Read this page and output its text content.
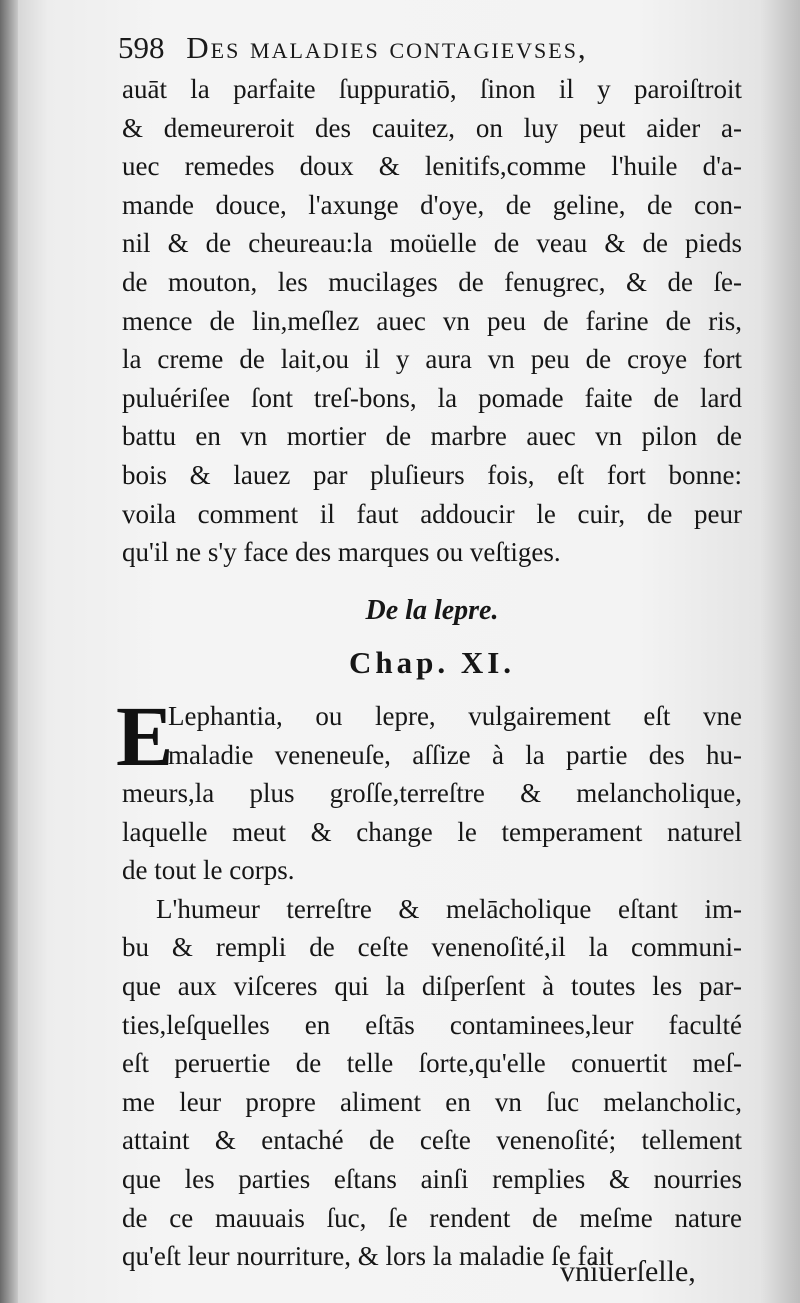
598 Des maladies contagievses,
auāt la parfaite ſuppuratiō, ſinon il y paroiſtroit
& demeureroit des cauitez, on luy peut aider a-
uec remedes doux & lenitifs,comme l'huile d'a-
mande douce, l'axunge d'oye, de geline, de con-
nil & de cheureau:la moüelle de veau & de pieds
de mouton, les mucilages de fenugrec, & de ſe-
mence de lin,meſlez auec vn peu de farine de ris,
la creme de lait,ou il y aura vn peu de croye fort
puluériſee ſont treſ-bons, la pomade faite de lard
battu en vn mortier de marbre auec vn pilon de
bois & lauez par pluſieurs fois, eſt fort bonne:
voila comment il faut addoucir le cuir, de peur
qu'il ne s'y face des marques ou veſtiges.
De la lepre.
Chap. XI.
E
Lephantia, ou lepre, vulgairement eſt vne
maladie veneneuſe, aſſize à la partie des hu-
meurs,la plus groſſe,terreſtre & melancholique,
laquelle meut & change le temperament naturel
de tout le corps.
L'humeur terreſtre & melācholique eſtant im-
bu & rempli de ceſte venenoſité,il la communi-
que aux viſceres qui la diſperſent à toutes les par-
ties,leſquelles en eſtās contaminees,leur faculté
eſt peruertie de telle ſorte,qu'elle conuertit meſ-
me leur propre aliment en vn ſuc melancholic,
attaint & entaché de ceſte venenoſité; tellement
que les parties eſtans ainſi remplies & nourries
de ce mauuais ſuc, ſe rendent de meſme nature
qu'eſt leur nourriture, & lors la maladie ſe fait
vniuerſelle,
